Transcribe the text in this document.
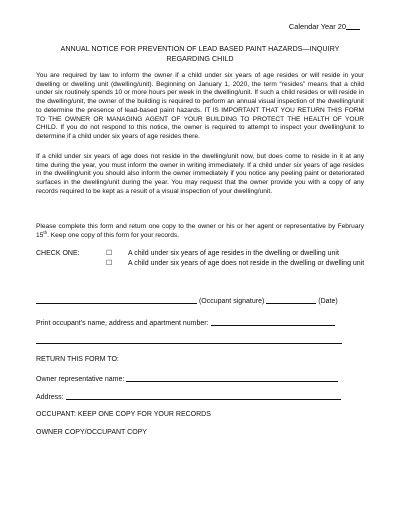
Calendar Year 20
ANNUAL NOTICE FOR PREVENTION OF LEAD BASED PAINT HAZARDS—INQUIRY
REGARDING CHILD

You are required by law to inform the owner if a child under six years of age resides or will reside in your dwelling or dwelling unit (dwelling/unit). Beginning on January 1, 2020, the term “resides” means that a child under six routinely spends 10 or more hours per week in the dwelling/unit. If such a child resides or will reside in the dwelling/unit, the owner of the building is required to perform an annual visual inspection of the dwelling/unit to determine the presence of lead-based paint hazards. IT IS IMPORTANT THAT YOU RETURN THIS FORM TO THE OWNER OR MANAGING AGENT OF YOUR BUILDING TO PROTECT THE HEALTH OF YOUR CHILD. If you do not respond to this notice, the owner is required to attempt to inspect your dwelling/unit to determine if a child under six years of age resides there.

If a child under six years of age does not reside in the dwelling/unit now, but does come to reside in it at any time during the year, you must inform the owner in writing immediately. If a child under six years of age resides in the dwelling/unit you should also inform the owner immediately if you notice any peeling paint or deteriorated surfaces in the dwelling/unit during the year. You may request that the owner provide you with a copy of any records required to be kept as a result of a visual inspection of your dwelling/unit.

Please complete this form and return one copy to the owner or his or her agent or representative by February 15th. Keep one copy of this form for your records.

CHECK ONE:	☐	A child under six years of age resides in the dwelling or dwelling unit
☐	A child under six years of age does not reside in the dwelling or dwelling unit
(Occupant signature)	(Date)
Print occupant's name, address and apartment number:
RETURN THIS FORM TO:
Owner representative name:
Address:
OCCUPANT: KEEP ONE COPY FOR YOUR RECORDS
OWNER COPY/OCCUPANT COPY
